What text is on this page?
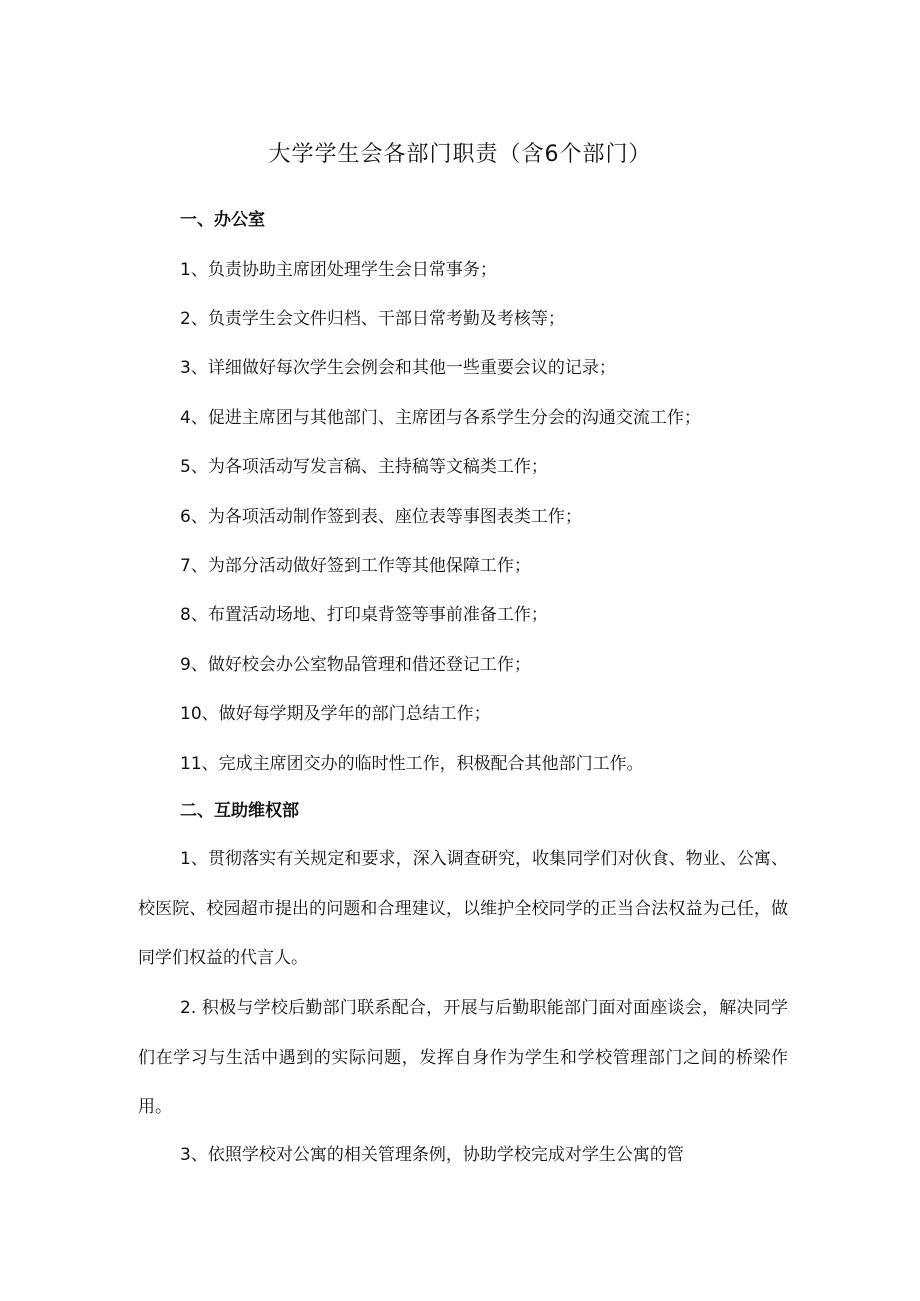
大学学生会各部门职责（含6个部门）
一、办公室

1、负责协助主席团处理学生会日常事务；

2、负责学生会文件归档、干部日常考勤及考核等；

3、详细做好每次学生会例会和其他一些重要会议的记录；

4、促进主席团与其他部门、主席团与各系学生分会的沟通交流工作；

5、为各项活动写发言稿、主持稿等文稿类工作；

6、为各项活动制作签到表、座位表等事图表类工作；

7、为部分活动做好签到工作等其他保障工作；

8、布置活动场地、打印桌背签等事前准备工作；

9、做好校会办公室物品管理和借还登记工作；

10、做好每学期及学年的部门总结工作；

11、完成主席团交办的临时性工作，积极配合其他部门工作。

二、互助维权部

1、贯彻落实有关规定和要求，深入调查研究，收集同学们对伙食、物业、公寓、校医院、校园超市提出的问题和合理建议，以维护全校同学的正当合法权益为己任，做同学们权益的代言人。

2. 积极与学校后勤部门联系配合，开展与后勤职能部门面对面座谈会，解决同学们在学习与生活中遇到的实际问题，发挥自身作为学生和学校管理部门之间的桥梁作用。

3、依照学校对公寓的相关管理条例，协助学校完成对学生公寓的管
